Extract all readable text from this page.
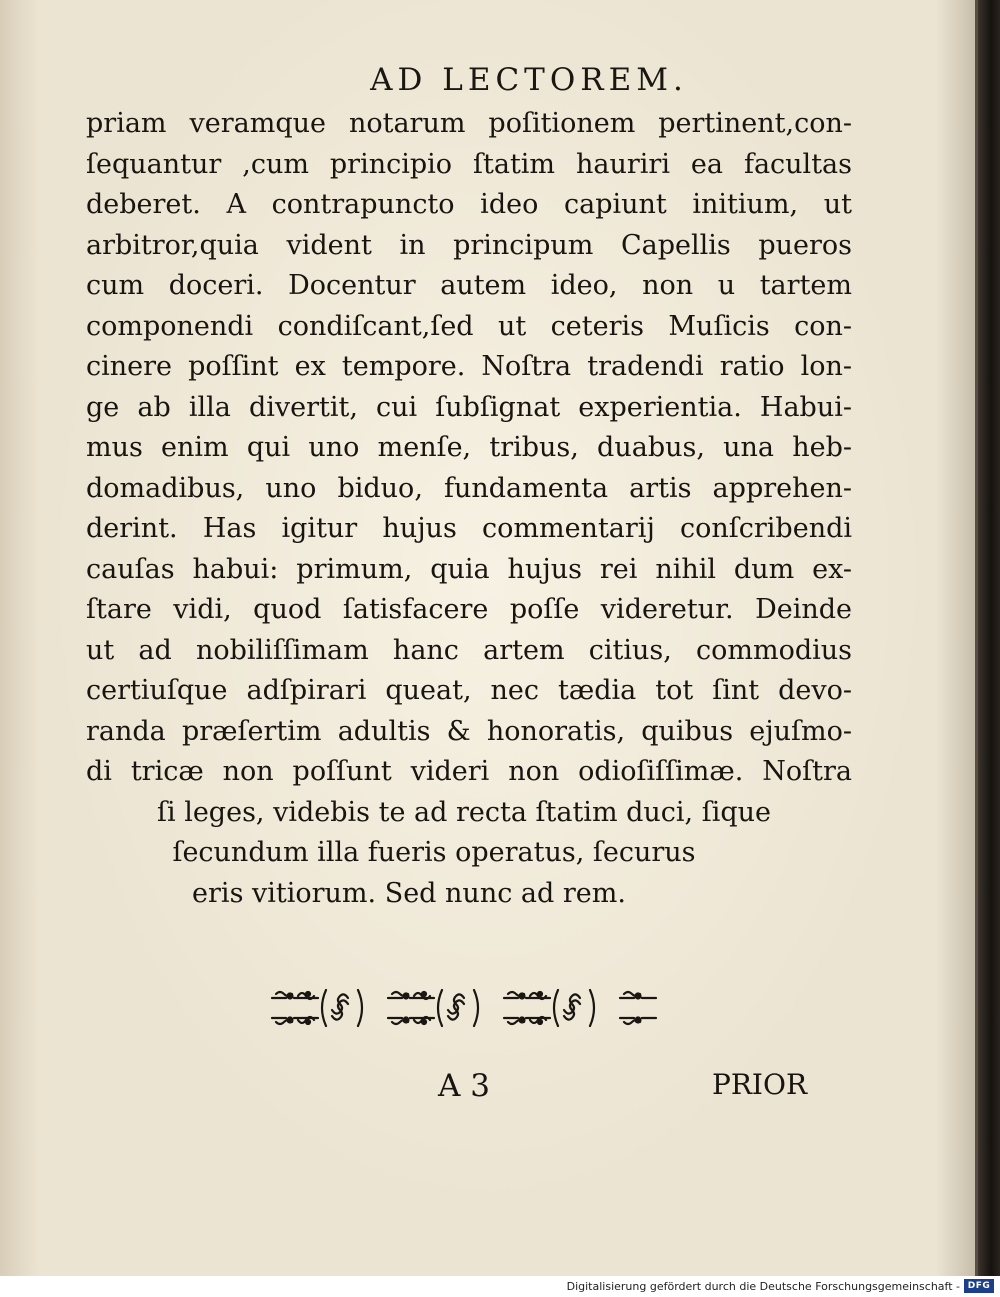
AD LECTOREM.
priam veramque notarum poſitionem pertinent,con-
ſequantur ,cum principio ſtatim hauriri ea facultas
deberet. A contrapuncto ideo capiunt initium, ut
arbitror,quia vident in principum Capellis pueros
cum doceri. Docentur autem ideo, non u tartem
componendi condiſcant,ſed ut ceteris Muſicis con-
cinere poſſint ex tempore. Noſtra tradendi ratio lon-
ge ab illa divertit, cui ſubſignat experientia. Habui-
mus enim qui uno menſe, tribus, duabus, una heb-
domadibus, uno biduo, fundamenta artis apprehen-
derint. Has igitur hujus commentarij conſcribendi
cauſas habui: primum, quia hujus rei nihil dum ex-
ſtare vidi, quod ſatisfacere poſſe videretur. Deinde
ut ad nobiliſſimam hanc artem citius, commodius
certiuſque adſpirari queat, nec tædia tot ſint devo-
randa præſertim adultis & honoratis, quibus ejuſmo-
di tricæ non poſſunt videri non odioſiſſimæ. Noſtra
ſi leges, videbis te ad recta ſtatim duci, ſique
ſecundum illa fueris operatus, ſecurus
eris vitiorum. Sed nunc ad rem.
A 3	PRIOR
Digitalisierung gefördert durch die Deutsche Forschungsgemeinschaft - DFG
